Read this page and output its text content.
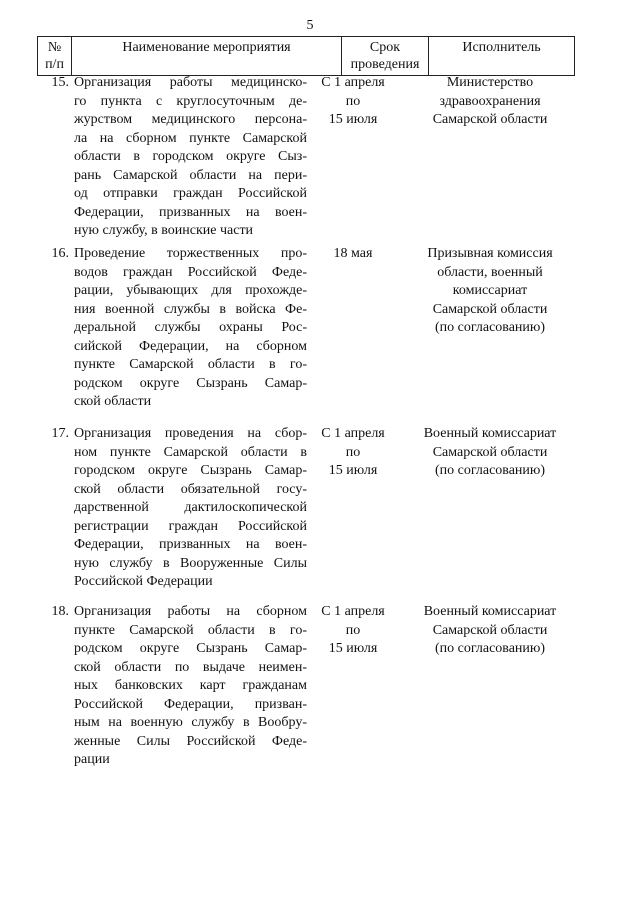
5
№
п/п
Наименование мероприятия	Срок
проведения
Исполнитель
15. Организация работы медицинско-
го пункта с круглосуточным де-
журством медицинского персона-
ла на сборном пункте Самарской
области в городском округе Сыз-
рань Самарской области на пери-
од отправки граждан Российской
Федерации, призванных на воен-
ную службу, в воинские части
С 1 апреля
по
15 июля
Министерство
здравоохранения
Самарской области
16. Проведение торжественных про-
водов граждан Российской Феде-
рации, убывающих для прохожде-
ния военной службы в войска Фе-
деральной службы охраны Рос-
сийской Федерации, на сборном
пункте Самарской области в го-
родском округе Сызрань Самар-
ской области
18 мая	Призывная комиссия
области, военный
комиссариат
Самарской области
(по согласованию)
17. Организация проведения на сбор-
ном пункте Самарской области в
городском округе Сызрань Самар-
ской области обязательной госу-
дарственной дактилоскопической
регистрации граждан Российской
Федерации, призванных на воен-
ную службу в Вооруженные Силы
Российской Федерации
С 1 апреля
по
15 июля
Военный комиссариат
Самарской области
(по согласованию)
18. Организация работы на сборном
пункте Самарской области в го-
родском округе Сызрань Самар-
ской области по выдаче неимен-
ных банковских карт гражданам
Российской Федерации, призван-
ным на военную службу в Вообру-
женные Силы Российской Феде-
рации
С 1 апреля
по
15 июля
Военный комиссариат
Самарской области
(по согласованию)
